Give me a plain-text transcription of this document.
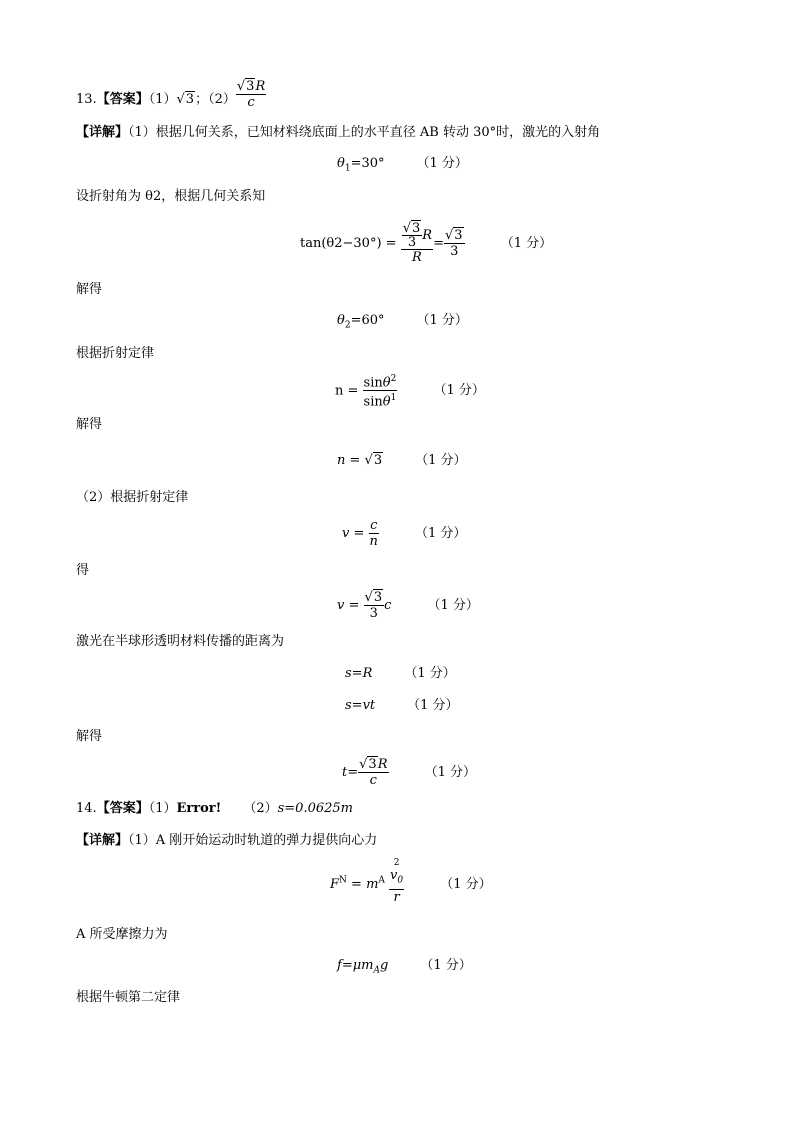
13.【答案】（1）√3；$(2) \frac{√3R}{c}$
【详解】（1）根据几何关系，已知材料绕底面上的水平直径 AB 转动 30°时，激光的入射角
$\theta_1=30^\circ$ （1 分）
设折射角为 θ2，根据几何关系知
$\tan(\theta 2-30^\circ) = \frac{\frac{√3}{3} R}{R} = \frac{√3}{3}$	（1 分）
解得
$\theta_2=60^\circ$ （1 分）
根据折射定律
$n = \frac{\sin\theta^2}{\sin\theta^1}$	（1 分）
解得
n = √3	（1 分）
（2）根据折射定律
$v = \frac{c}{n}$	（1 分）
得
$v = \frac{√3}{3}$ c	（1 分）
激光在半球形透明材料传播的距离为
s=R （1 分）
s=vt （1 分）
解得
$t= \frac{√3R}{c}$	（1 分）
14.【答案】（1）Error! （2）s=0.0625m
【详解】（1）A 刚开始运动时轨道的弹力提供向心力
$F^N = m^A$
2
$v_0$
r
（1 分）
A 所受摩擦力为
$f=\mu m_Ag$ （1 分）
根据牛顿第二定律
